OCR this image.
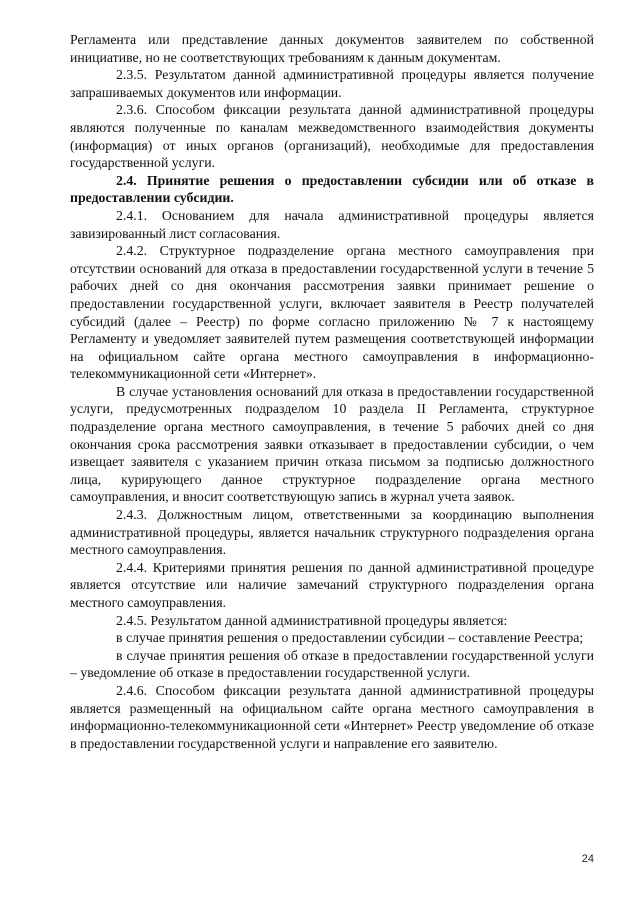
Регламента или представление данных документов заявителем по собственной инициативе, но не соответствующих требованиям к данным документам.

2.3.5. Результатом данной административной процедуры является получение запрашиваемых документов или информации.

2.3.6. Способом фиксации результата данной административной процедуры являются полученные по каналам межведомственного взаимодействия документы (информация) от иных органов (организаций), необходимые для предоставления государственной услуги.

2.4. Принятие решения о предоставлении субсидии или об отказе в предоставлении субсидии.

2.4.1. Основанием для начала административной процедуры является завизированный лист согласования.

2.4.2. Структурное подразделение органа местного самоуправления при отсутствии оснований для отказа в предоставлении государственной услуги в течение 5 рабочих дней со дня окончания рассмотрения заявки принимает решение о предоставлении государственной услуги, включает заявителя в Реестр получателей субсидий (далее – Реестр) по форме согласно приложению № 7 к настоящему Регламенту и уведомляет заявителей путем размещения соответствующей информации на официальном сайте органа местного самоуправления в информационно-телекоммуникационной сети «Интернет».

В случае установления оснований для отказа в предоставлении государственной услуги, предусмотренных подразделом 10 раздела II Регламента, структурное подразделение органа местного самоуправления, в течение 5 рабочих дней со дня окончания срока рассмотрения заявки отказывает в предоставлении субсидии, о чем извещает заявителя с указанием причин отказа письмом за подписью должностного лица, курирующего данное структурное подразделение органа местного самоуправления, и вносит соответствующую запись в журнал учета заявок.

2.4.3. Должностным лицом, ответственными за координацию выполнения административной процедуры, является начальник структурного подразделения органа местного самоуправления.

2.4.4. Критериями принятия решения по данной административной процедуре является отсутствие или наличие замечаний структурного подразделения органа местного самоуправления.

2.4.5. Результатом данной административной процедуры является:

в случае принятия решения о предоставлении субсидии – составление Реестра;

в случае принятия решения об отказе в предоставлении государственной услуги – уведомление об отказе в предоставлении государственной услуги.

2.4.6. Способом фиксации результата данной административной процедуры является размещенный на официальном сайте органа местного самоуправления в информационно-телекоммуникационной сети «Интернет» Реестр уведомление об отказе в предоставлении государственной услуги и направление его заявителю.

24
